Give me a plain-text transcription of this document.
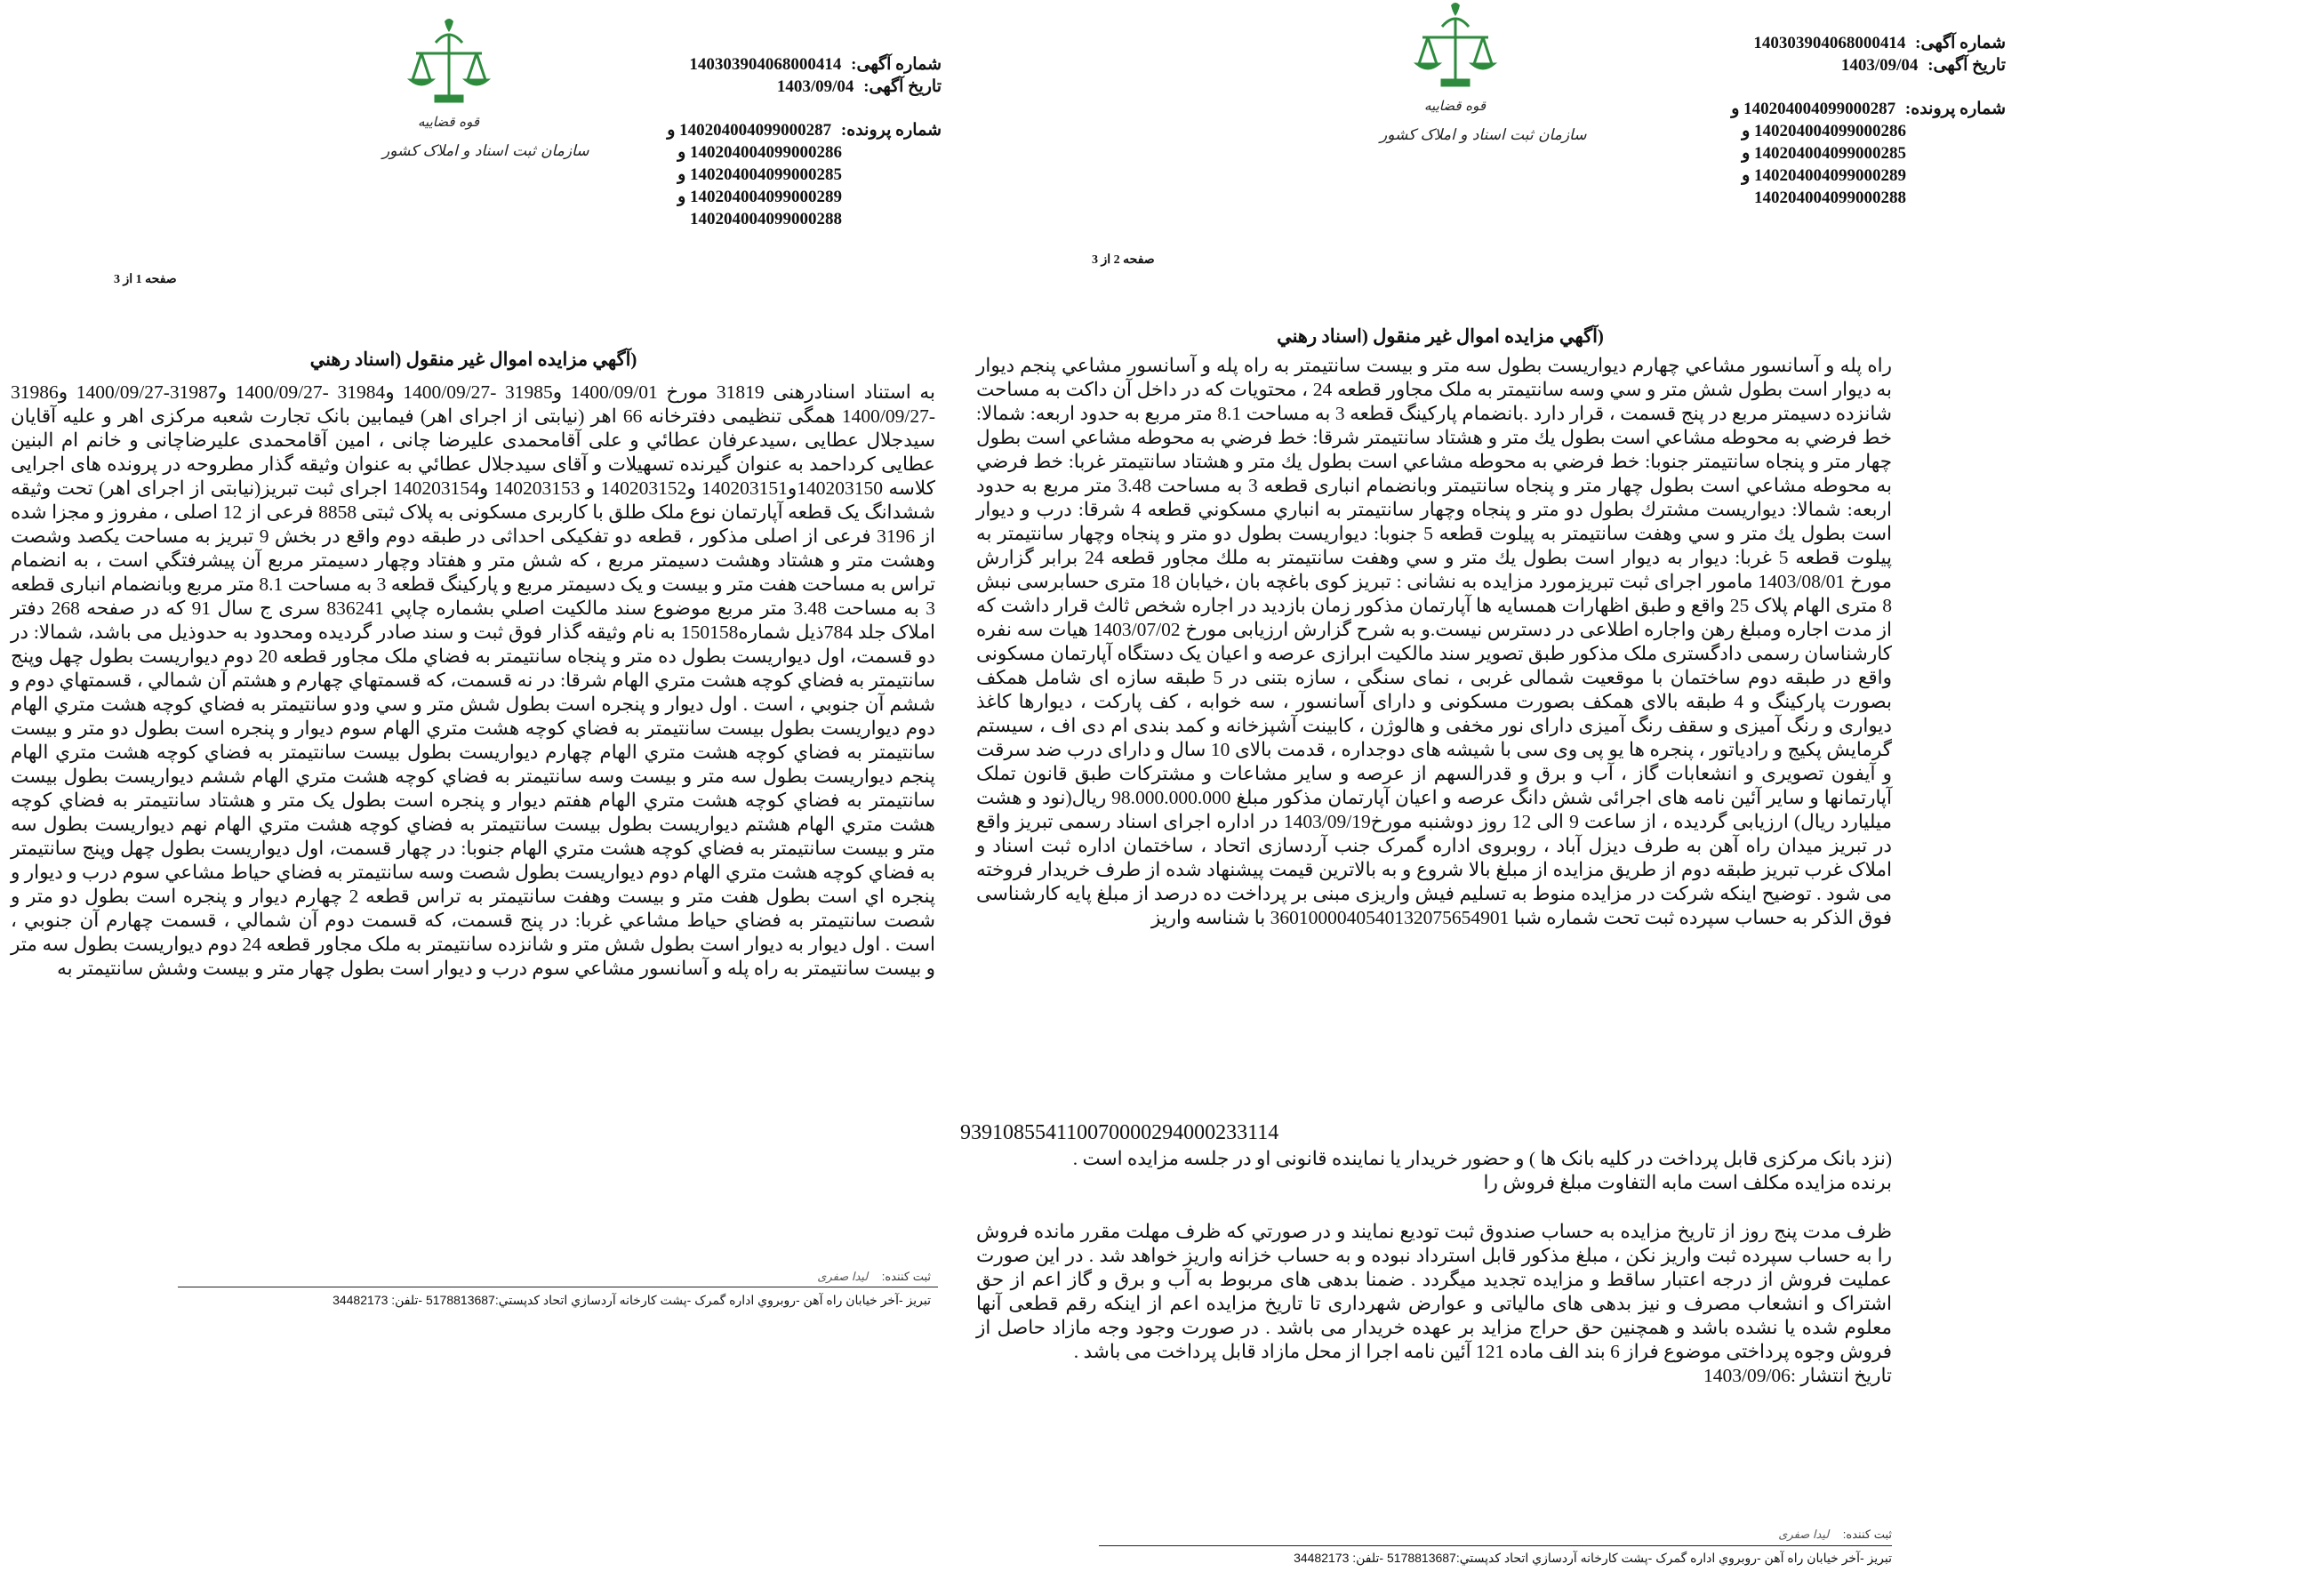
قوه قضاییه
سازمان ثبت اسناد و املاک کشور
شماره آگهی: 140303904068000414
تاریخ آگهی: 1403/09/04
شماره پرونده: 140204004099000287 و
140204004099000286 و
140204004099000285 و
140204004099000289 و
140204004099000288
صفحه 1 از 3
(آگهي مزايده اموال غير منقول (اسناد رهني
به استناد اسنادرهنی 31819 مورخ 1400/09/01 و31985 -1400/09/27 و31984 -1400/09/27 و31987-1400/09/27 و31986 -1400/09/27 همگی تنظیمی دفترخانه 66 اهر (نیابتی از اجرای اهر) فیمابین بانک تجارت شعبه مرکزی اهر و علیه آقایان سیدجلال عطایی ،سیدعرفان عطائي و علی آقامحمدی علیرضا چانی ، امین آقامحمدی علیرضاچانی و خانم ام البنین عطایی کرداحمد به عنوان گیرنده تسهیلات و آقای سیدجلال عطائي به عنوان وثیقه گذار مطروحه در پرونده های اجرایی کلاسه 140203150و140203151 و140203152 و 140203153 و140203154 اجرای ثبت تبریز(نیابتی از اجرای اهر) تحت وثیقه ششدانگ یک قطعه آپارتمان نوع ملک طلق با کاربری مسکونی به پلاک ثبتی 8858 فرعی از 12 اصلی ، مفروز و مجزا شده از 3196 فرعی از اصلی مذکور ، قطعه دو تفکیکی احداثی در طبقه دوم واقع در بخش 9 تبریز به مساحت یکصد وشصت وهشت متر و هشتاد وهشت دسیمتر مربع ، که شش متر و هفتاد وچهار دسیمتر مربع آن پیشرفتگي است ، به انضمام تراس به مساحت هفت متر و بیست و یک دسیمتر مربع و پارکینگ قطعه 3 به مساحت 8.1 متر مربع وبانضمام انباری قطعه 3 به مساحت 3.48 متر مربع موضوع سند مالکیت اصلي بشماره چاپي 836241 سری ج سال 91 که در صفحه 268 دفتر املاک جلد 784ذیل شماره150158 به نام وثیقه گذار فوق ثبت و سند صادر گردیده ومحدود به حدوذیل می باشد، شمالا: در دو قسمت، اول دیواریست بطول ده متر و پنجاه سانتیمتر به فضاي ملک مجاور قطعه 20 دوم دیواریست بطول چهل وپنج سانتیمتر به فضاي کوچه هشت متري الهام شرقا: در نه قسمت، که قسمتهاي چهارم و هشتم آن شمالي ، قسمتهاي دوم و ششم آن جنوبي ، است . اول دیوار و پنجره است بطول شش متر و سي ودو سانتیمتر به فضاي کوچه هشت متري الهام دوم دیواریست بطول بیست سانتیمتر به فضاي کوچه هشت متري الهام سوم دیوار و پنجره است بطول دو متر و بیست سانتیمتر به فضاي کوچه هشت متري الهام چهارم دیواریست بطول بیست سانتیمتر به فضاي کوچه هشت متري الهام پنجم دیواریست بطول سه متر و بیست وسه سانتیمتر به فضاي کوچه هشت متري الهام ششم دیواریست بطول بیست سانتیمتر به فضاي کوچه هشت متري الهام هفتم دیوار و پنجره است بطول یک متر و هشتاد سانتیمتر به فضاي کوچه هشت متري الهام هشتم دیواریست بطول بیست سانتیمتر به فضاي کوچه هشت متري الهام نهم دیواریست بطول سه متر و بیست سانتیمتر به فضاي کوچه هشت متري الهام جنوبا: در چهار قسمت، اول دیواریست بطول چهل وپنج سانتیمتر به فضاي کوچه هشت متري الهام دوم دیواریست بطول شصت وسه سانتیمتر به فضاي حیاط مشاعي سوم درب و دیوار و پنجره اي است بطول هفت متر و بیست وهفت سانتیمتر به تراس قطعه 2 چهارم دیوار و پنجره است بطول دو متر و شصت سانتیمتر به فضاي حیاط مشاعي غربا: در پنج قسمت، که قسمت دوم آن شمالي ، قسمت چهارم آن جنوبي ، است . اول دیوار به دیوار است بطول شش متر و شانزده سانتیمتر به ملک مجاور قطعه 24 دوم دیواریست بطول سه متر و بیست سانتیمتر به راه پله و آسانسور مشاعي سوم درب و دیوار است بطول چهار متر و بیست وشش سانتیمتر به
ثبت کننده: لیدا صفری
تبریز -آخر خیابان راه آهن -روبروي اداره گمرک -پشت کارخانه آردسازي اتحاد کدپستي:5178813687 -تلفن: 34482173
قوه قضاییه
سازمان ثبت اسناد و املاک کشور
شماره آگهی: 140303904068000414
تاریخ آگهی: 1403/09/04
شماره پرونده: 140204004099000287 و
140204004099000286 و
140204004099000285 و
140204004099000289 و
140204004099000288
صفحه 2 از 3
(آگهي مزايده اموال غير منقول (اسناد رهني
راه پله و آسانسور مشاعي چهارم دیواریست بطول سه متر و بیست سانتیمتر به راه پله و آسانسور مشاعي پنجم دیوار به دیوار است بطول شش متر و سي وسه سانتیمتر به ملک مجاور قطعه 24 ، محتویات که در داخل آن داکت به مساحت شانزده دسیمتر مربع در پنج قسمت ، قرار دارد .بانضمام پارکینگ قطعه 3 به مساحت 8.1 متر مربع به حدود اربعه: شمالا: خط فرضي به محوطه مشاعي است بطول يك متر و هشتاد سانتيمتر شرقا: خط فرضي به محوطه مشاعي است بطول چهار متر و پنجاه سانتيمتر جنوبا: خط فرضي به محوطه مشاعي است بطول يك متر و هشتاد سانتيمتر غربا: خط فرضي به محوطه مشاعي است بطول چهار متر و پنجاه سانتيمتر وبانضمام انباری قطعه 3 به مساحت 3.48 متر مربع به حدود اربعه: شمالا: دیواریست مشترك بطول دو متر و پنجاه وچهار سانتیمتر به انباري مسكوني قطعه 4 شرقا: درب و دیوار است بطول یك متر و سي وهفت سانتیمتر به پیلوت قطعه 5 جنوبا: دیواریست بطول دو متر و پنجاه وچهار سانتیمتر به پیلوت قطعه 5 غربا: دیوار به دیوار است بطول یك متر و سي وهفت سانتیمتر به ملك مجاور قطعه 24 برابر گزارش مورخ 1403/08/01 مامور اجرای ثبت تبریزمورد مزایده به نشانی : تبریز کوی باغچه بان ،خیابان 18 متری حسابرسی نبش 8 متری الهام پلاک 25 واقع و طبق اظهارات همسایه ها آپارتمان مذکور زمان بازدید در اجاره شخص ثالث قرار داشت که از مدت اجاره ومبلغ رهن واجاره اطلاعی در دسترس نیست.و به شرح گزارش ارزیابی مورخ 1403/07/02 هیات سه نفره کارشناسان رسمی دادگستری ملک مذکور طبق تصویر سند مالکیت ابرازی عرصه و اعیان یک دستگاه آپارتمان مسکونی واقع در طبقه دوم ساختمان با موقعیت شمالی غربی ، نمای سنگی ، سازه بتنی در 5 طبقه سازه ای شامل همکف بصورت پارکینگ و 4 طبقه بالای همکف بصورت مسکونی و دارای آسانسور ، سه خوابه ، کف پارکت ، دیوارها کاغذ دیواری و رنگ آمیزی و سقف رنگ آمیزی دارای نور مخفی و هالوژن ، کابینت آشپزخانه و کمد بندی ام دی اف ، سیستم گرمایش پکیج و رادیاتور ، پنجره ها یو پی وی سی با شیشه های دوجداره ، قدمت بالای 10 سال و دارای درب ضد سرقت و آیفون تصویری و انشعابات گاز ، آب و برق و قدرالسهم از عرصه و سایر مشاعات و مشترکات طبق قانون تملک آپارتمانها و سایر آئین نامه های اجرائی شش دانگ عرصه و اعیان آپارتمان مذکور مبلغ 98.000.000.000 ریال(نود و هشت میلیارد ریال) ارزیابی گردیده ، از ساعت 9 الی 12 روز دوشنبه مورخ1403/09/19 در اداره اجرای اسناد رسمی تبریز واقع در تبریز میدان راه آهن به طرف دیزل آباد ، روبروی اداره گمرک جنب آردسازی اتحاد ، ساختمان اداره ثبت اسناد و املاک غرب تبریز طبقه دوم از طریق مزایده از مبلغ بالا شروع و به بالاترین قیمت پیشنهاد شده از طرف خریدار فروخته می شود . توضیح اینکه شرکت در مزایده منوط به تسلیم فیش واریزی مبنی بر پرداخت ده درصد از مبلغ پایه کارشناسی فوق الذکر به حساب سپرده ثبت تحت شماره شبا 3601000040540132075654901 با شناسه واریز
939108554110070000294000233114
(نزد بانک مرکزی قابل پرداخت در کلیه بانک ها ) و حضور خریدار یا نماینده قانونی او در جلسه مزایده است .
برنده مزایده مکلف است مابه التفاوت مبلغ فروش را

ظرف مدت پنج روز از تاریخ مزایده به حساب صندوق ثبت تودیع نمایند و در صورتي که ظرف مهلت مقرر مانده فروش را به حساب سپرده ثبت واریز نکن ، مبلغ مذکور قابل استرداد نبوده و به حساب خزانه واریز خواهد شد . در این صورت عملیت فروش از درجه اعتبار ساقط و مزایده تجدید میگردد . ضمنا بدهی های مربوط به آب و برق و گاز اعم از حق اشتراک و انشعاب مصرف و نیز بدهی های مالیاتی و عوارض شهرداری تا تاریخ مزایده اعم از اینکه رقم قطعی آنها معلوم شده یا نشده باشد و همچنین حق حراج مزاید بر عهده خریدار می باشد . در صورت وجود وجه مازاد حاصل از فروش وجوه پرداختی موضوع فراز 6 بند الف ماده 121 آئین نامه اجرا از محل مازاد قابل پرداخت می باشد .

تاریخ انتشار :1403/09/06
ثبت کننده: لیدا صفری
تبریز -آخر خیابان راه آهن -روبروي اداره گمرک -پشت کارخانه آردسازي اتحاد کدپستي:5178813687 -تلفن: 34482173
